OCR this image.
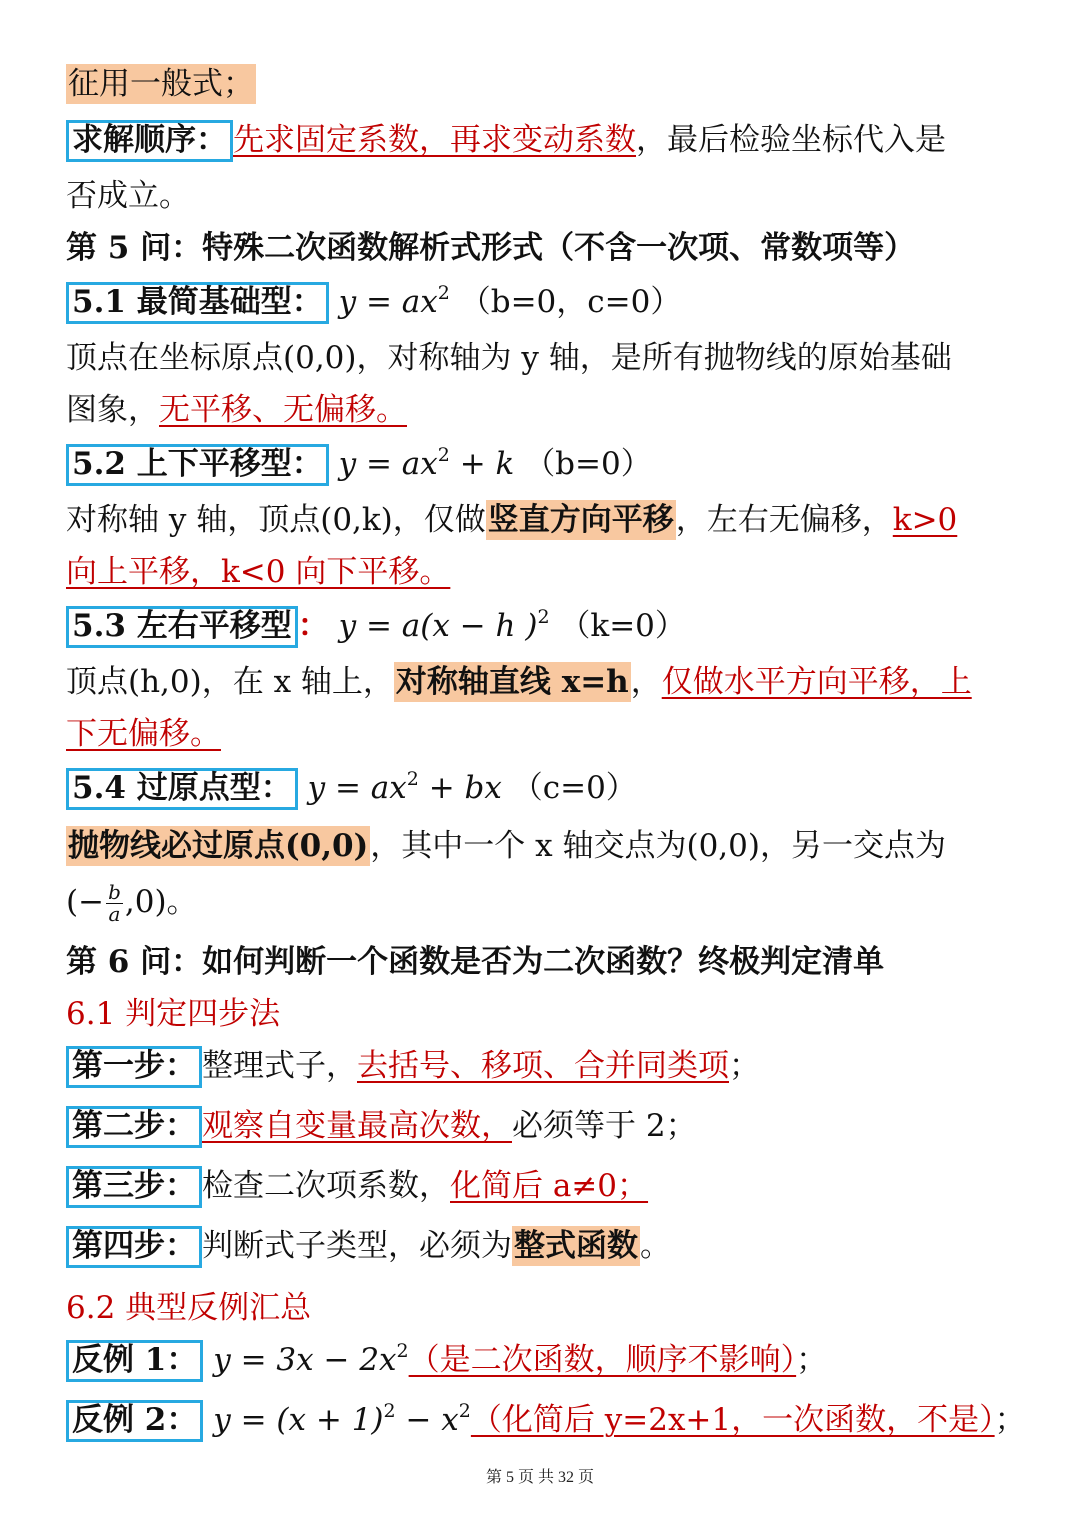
征用一般式；
求解顺序： 先求固定系数，再求变动系数，最后检验坐标代入是
否成立。
第 5 问：特殊二次函数解析式形式（不含一次项、常数项等）
5.1 最简基础型： $y = ax^2$ （b=0，c=0）
顶点在坐标原点(0,0)，对称轴为 y 轴，是所有抛物线的原始基础
图象，无平移、无偏移。
5.2 上下平移型： $y = ax^2 + k$ （b=0）
对称轴 y 轴，顶点(0,k)，仅做竖直方向平移，左右无偏移，k>0
向上平移，k<0 向下平移。
5.3 左右平移型 ： y = a(x − ℎ )$^2$ （k=0）
顶点(h,0)，在 x 轴上，对称轴直线 x=h，仅做水平方向平移，上
下无偏移。
5.4 过原点型： $y = ax^2$ + bx （c=0）
抛物线必过原点(0,0)，其中一个 x 轴交点为(0,0)，另一交点为
(− $\frac{b}{a} ,0$)。
第 6 问：如何判断一个函数是否为二次函数？终极判定清单
6.1 判定四步法
第一步： 整理式子，去括号、移项、合并同类项；
第二步： 观察自变量最高次数，必须等于 2；
第三步： 检查二次项系数，化简后 a≠0；
第四步： 判断式子类型，必须为整式函数。
6.2 典型反例汇总
反例 1： $y = 3x - 2x^2$（是二次函数，顺序不影响）；
反例 2： $y = (x + 1)^2 - x^2$（化简后 y=2x+1，一次函数，不是）；
第 5 页 共 32 页
